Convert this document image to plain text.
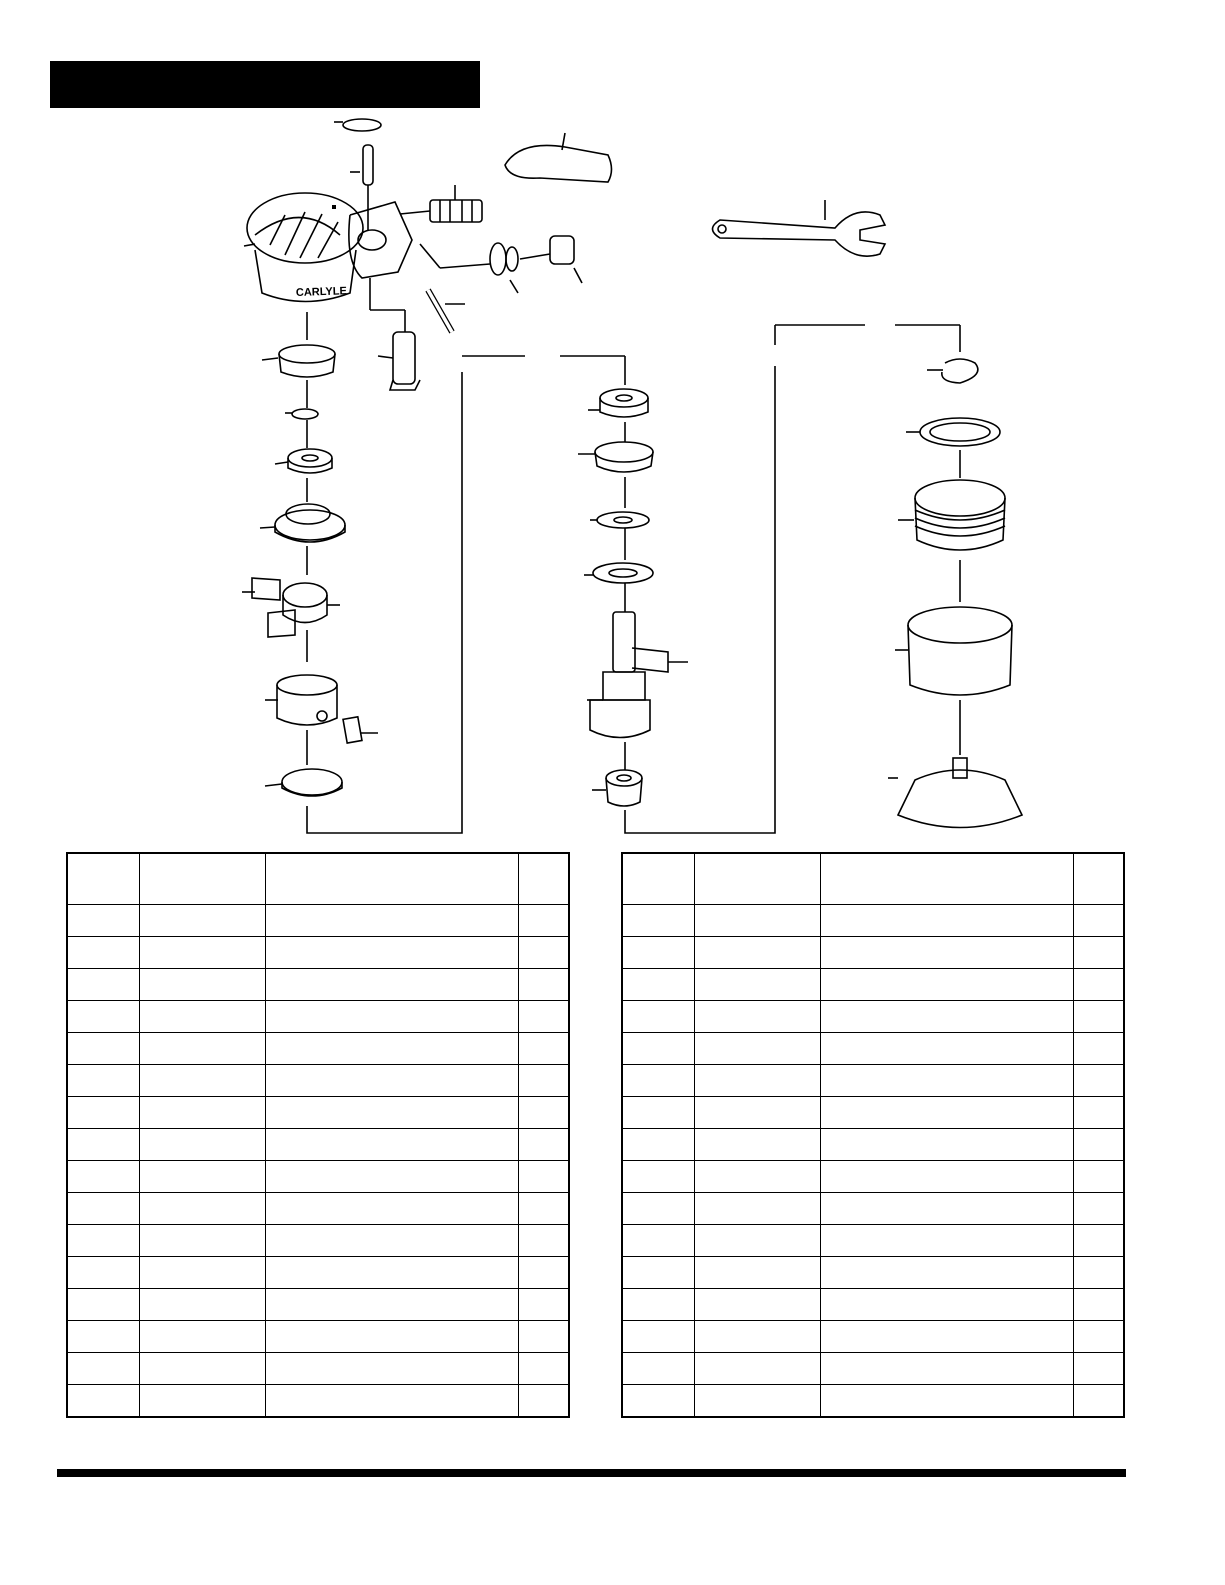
CARLYLE
